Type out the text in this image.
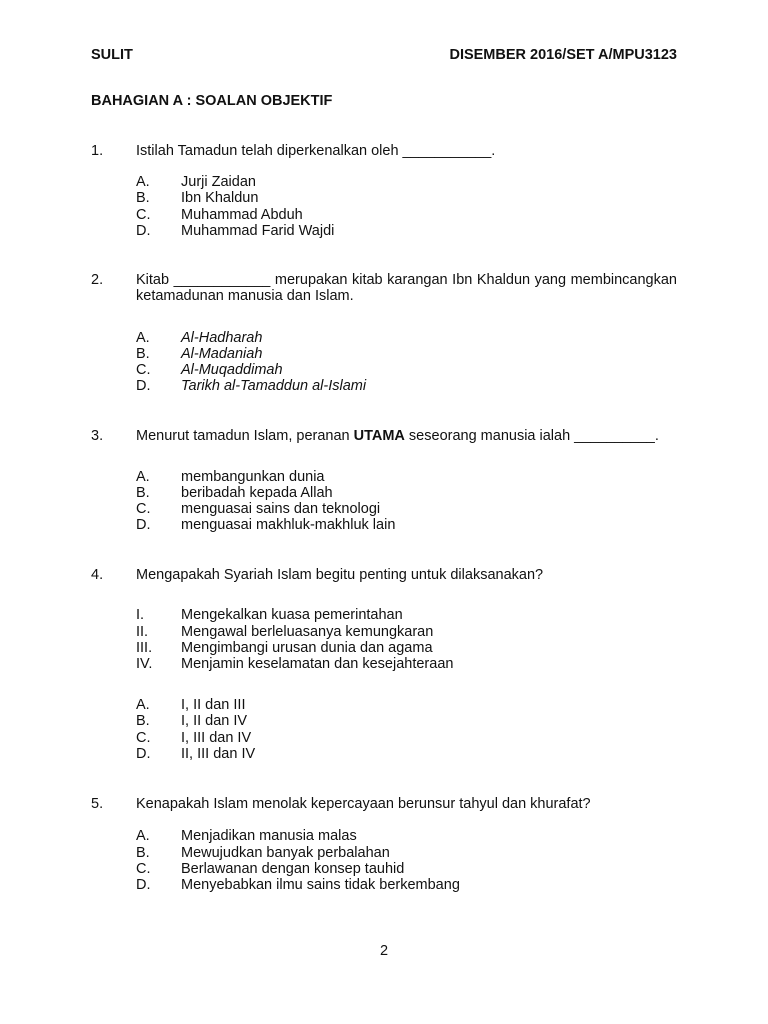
SULIT	DISEMBER 2016/SET A/MPU3123
BAHAGIAN A : SOALAN OBJEKTIF
1. Istilah Tamadun telah diperkenalkan oleh ___________.
A. Jurji Zaidan
B. Ibn Khaldun
C. Muhammad Abduh
D. Muhammad Farid Wajdi
2. Kitab ____________ merupakan kitab karangan Ibn Khaldun yang membincangkan ketamadunan manusia dan Islam.
A. Al-Hadharah
B. Al-Madaniah
C. Al-Muqaddimah
D. Tarikh al-Tamaddun al-Islami
3. Menurut tamadun Islam, peranan UTAMA seseorang manusia ialah __________.
A. membangunkan dunia
B. beribadah kepada Allah
C. menguasai sains dan teknologi
D. menguasai makhluk-makhluk lain
4. Mengapakah Syariah Islam begitu penting untuk dilaksanakan?
I.	Mengekalkan kuasa pemerintahan
II. Mengawal berleluasanya kemungkaran
III. Mengimbangi urusan dunia dan agama
IV. Menjamin keselamatan dan kesejahteraan
A. I, II dan III
B. I, II dan IV
C. I, III dan IV
D. II, III dan IV
5. Kenapakah Islam menolak kepercayaan berunsur tahyul dan khurafat?
A. Menjadikan manusia malas
B. Mewujudkan banyak perbalahan
C. Berlawanan dengan konsep tauhid
D. Menyebabkan ilmu sains tidak berkembang
2
